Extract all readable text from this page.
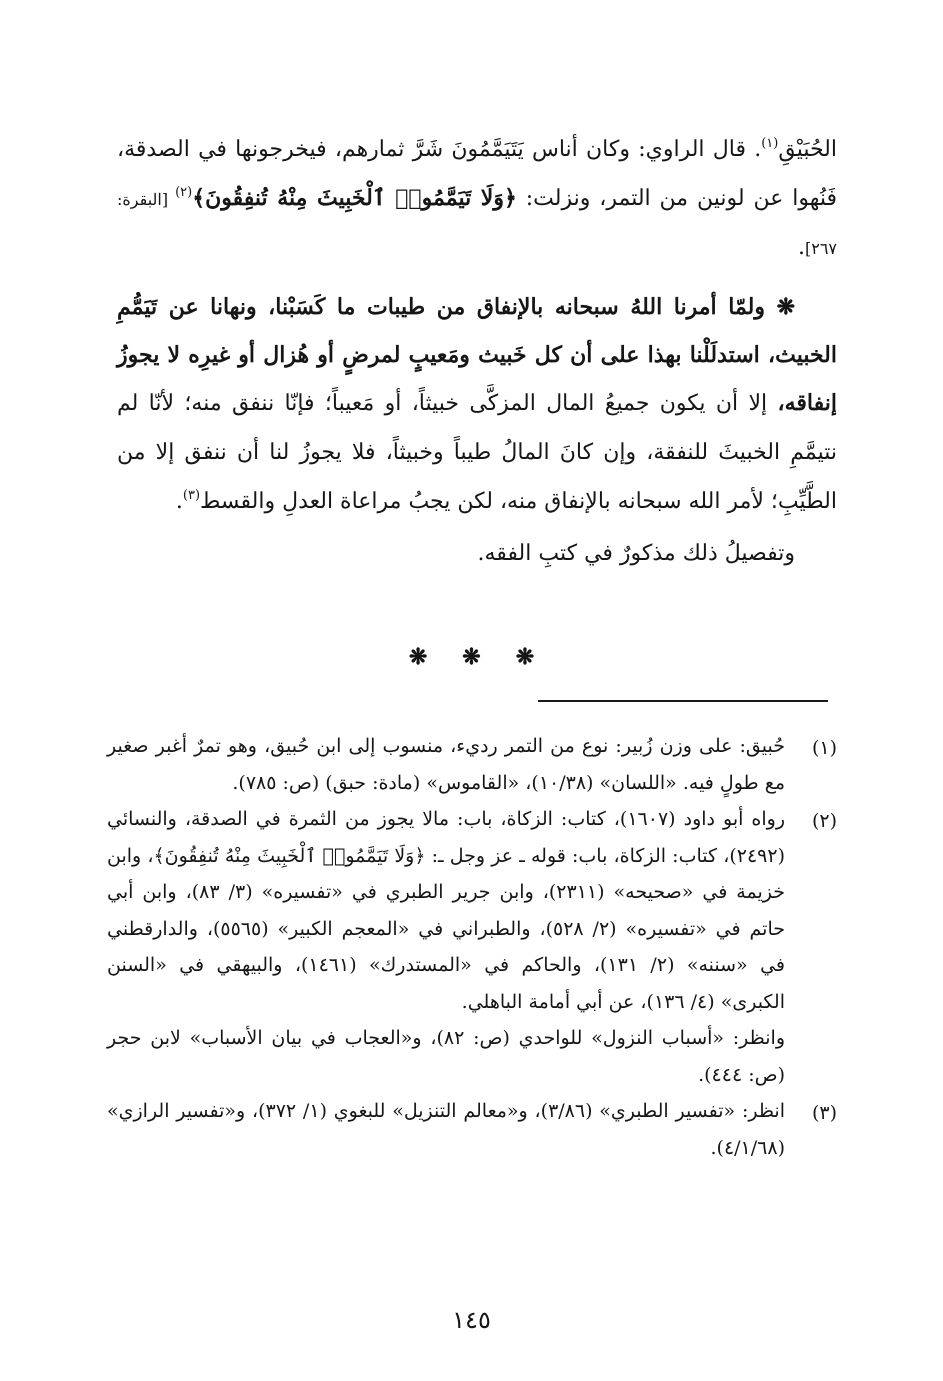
الحُبَيْقِ$^{(١)}$. قال الراوي: وكان أناس يَتَيَمَّمُونَ شَرَّ ثمارهم، فيخرجونها في الصدقة، فَنُهوا عن لونين من التمر، ونزلت: ﴿وَلَا تَيَمَّمُوا۟ ٱلْخَبِيثَ مِنْهُ تُنفِقُونَ﴾$^{(٢)}$ [البقرة: ٢٦٧].

❋ ولمّا أمرنا اللهُ سبحانه بالإنفاق من طيبات ما كَسَبْنا، ونهانا عن تَيَمُّمِ الخبيث، استدلَلْنا بهذا على أن كل خَبيث ومَعيبٍ لمرضٍ أو هُزال أو غيرِه لا يجوزُ إنفاقه، إلا أن يكون جميعُ المال المزكَّى خبيثاً، أو مَعيباً؛ فإنّا ننفق منه؛ لأنّا لم نتيمَّمِ الخبيثَ للنفقة، وإن كانَ المالُ طيباً وخبيثاً، فلا يجوزُ لنا أن ننفق إلا من الطَّيِّبِ؛ لأمر الله سبحانه بالإنفاق منه، لكن يجبُ مراعاة العدلِ والقسط$^{(٣)}$.

وتفصيلُ ذلك مذكورٌ في كتبِ الفقه.

❋ ❋ ❋
(١)

حُبيق: على وزن زُبير: نوع من التمر رديء، منسوب إلى ابن حُبيق، وهو تمرٌ أغبر صغير مع طولٍ فيه. «اللسان» (١٠/٣٨)، «القاموس» (مادة: حبق) (ص: ٧٨٥).

(٢)

رواه أبو داود (١٦٠٧)، كتاب: الزكاة، باب: مالا يجوز من الثمرة في الصدقة، والنسائي (٢٤٩٢)، كتاب: الزكاة، باب: قوله ـ عز وجل ـ: ﴿وَلَا تَيَمَّمُوا۟ ٱلْخَبِيثَ مِنْهُ تُنفِقُونَ﴾، وابن خزيمة في «صحيحه» (٢٣١١)، وابن جرير الطبري في «تفسيره» (٣/ ٨٣)، وابن أبي حاتم في «تفسيره» (٢/ ٥٢٨)، والطبراني في «المعجم الكبير» (٥٥٦٥)، والدارقطني في «سننه» (٢/ ١٣١)، والحاكم في «المستدرك» (١٤٦١)، والبيهقي في «السنن الكبرى» (٤/ ١٣٦)، عن أبي أمامة الباهلي.

وانظر: «أسباب النزول» للواحدي (ص: ٨٢)، و«العجاب في بيان الأسباب» لابن حجر (ص: ٤٤٤).

(٣)

انظر: «تفسير الطبري» (٣/٨٦)، و«معالم التنزيل» للبغوي (١/ ٣٧٢)، و«تفسير الرازي» (٤/١/٦٨).

١٤٥
